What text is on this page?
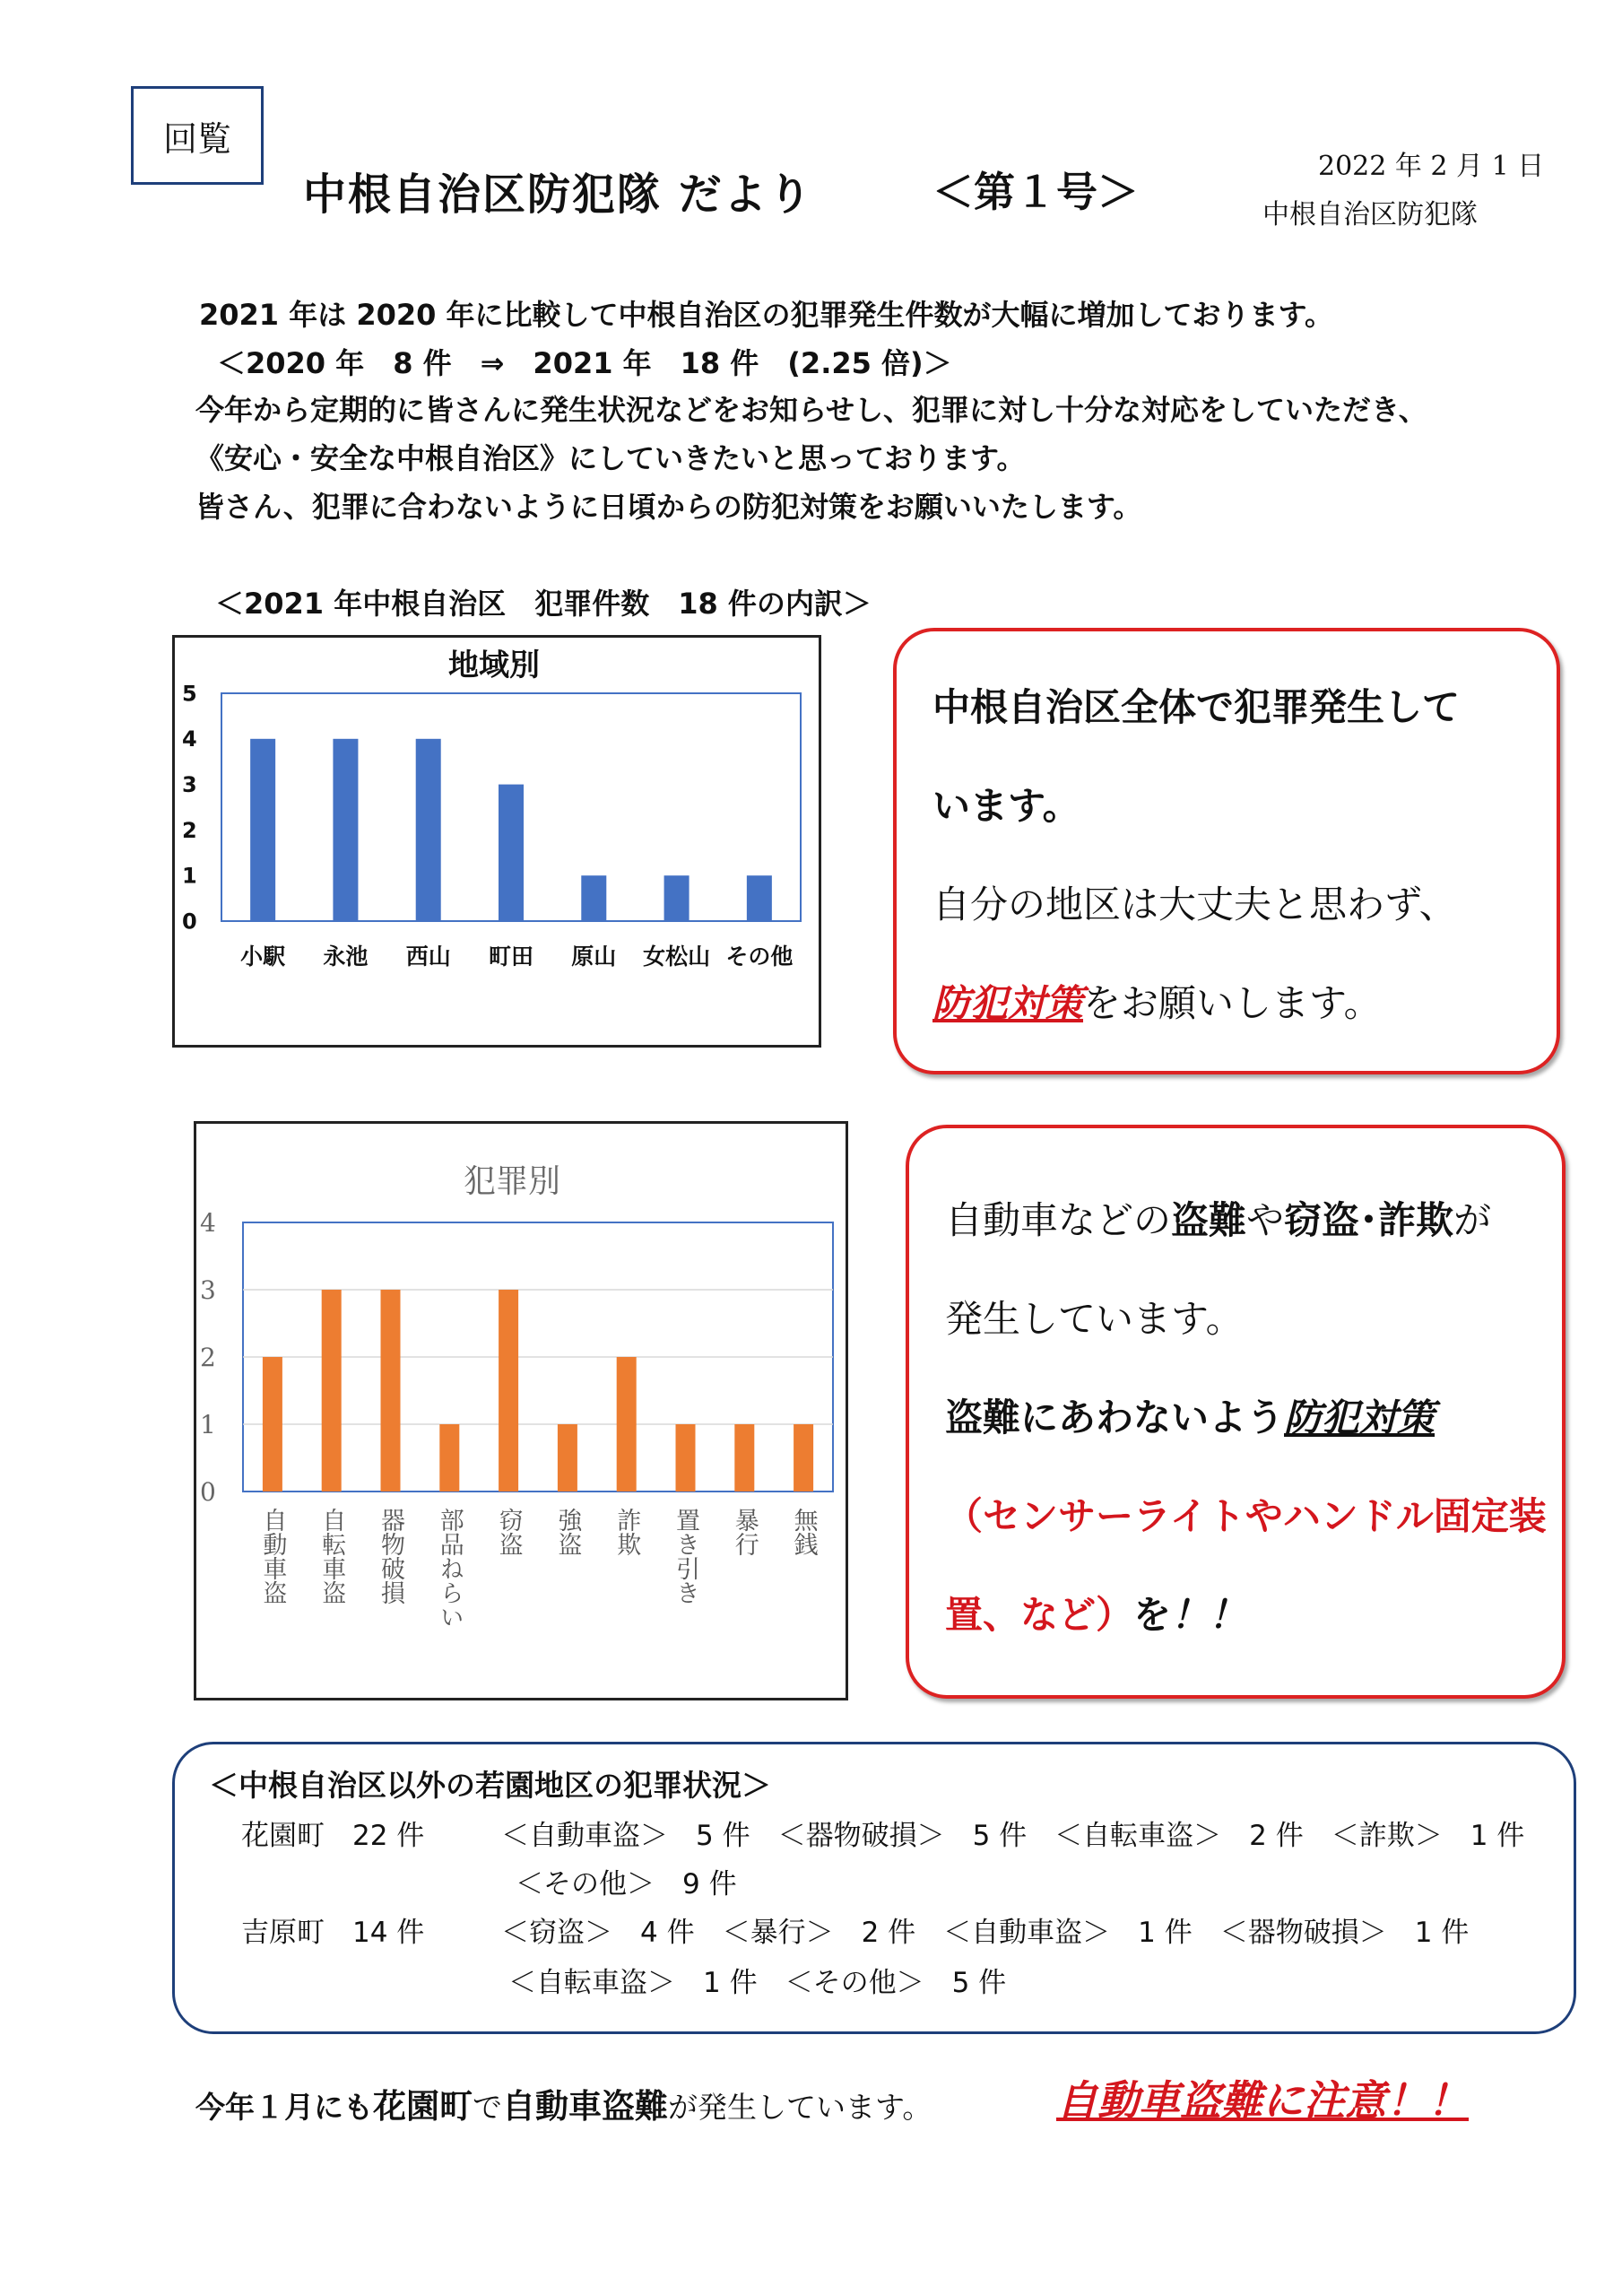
回覧
中根自治区防犯隊 だより	＜第１号＞
2022 年 2 月 1 日
中根自治区防犯隊
2021 年は 2020 年に比較して中根自治区の犯罪発生件数が大幅に増加しております。
＜2020 年　8 件　⇒　2021 年　18 件　(2.25 倍)＞
今年から定期的に皆さんに発生状況などをお知らせし、犯罪に対し十分な対応をしていただき、
《安心・安全な中根自治区》にしていきたいと思っております。
皆さん、犯罪に合わないように日頃からの防犯対策をお願いいたします。
＜2021 年中根自治区　犯罪件数　18 件の内訳＞
地域別
0
1
2
3
4
5
小駅 永池 西山 町田 原山 女松山 その他
中根自治区全体で犯罪発生して
います。
自分の地区は大丈夫と思わず、
防犯対策をお願いします。
犯罪別
0
1
2
3
4
自動車盗 自転車盗 器物破損 部品ねらい 窃盗 強盗 詐欺 置き引き 暴行 無銭
自動車などの盗難や窃盗･詐欺が
発生しています。
盗難にあわないよう防犯対策
（センサーライトやハンドル固定装
置、など）を！！
＜中根自治区以外の若園地区の犯罪状況＞
花園町　22 件	＜自動車盗＞　5 件　＜器物破損＞　5 件　＜自転車盗＞　2 件　＜詐欺＞　1 件
＜その他＞　9 件
吉原町　14 件	＜窃盗＞　4 件　＜暴行＞　2 件　＜自動車盗＞　1 件　＜器物破損＞　1 件
＜自転車盗＞　1 件　＜その他＞　5 件
今年１月にも花園町で自動車盗難が発生しています。	自動車盗難に注意！！
